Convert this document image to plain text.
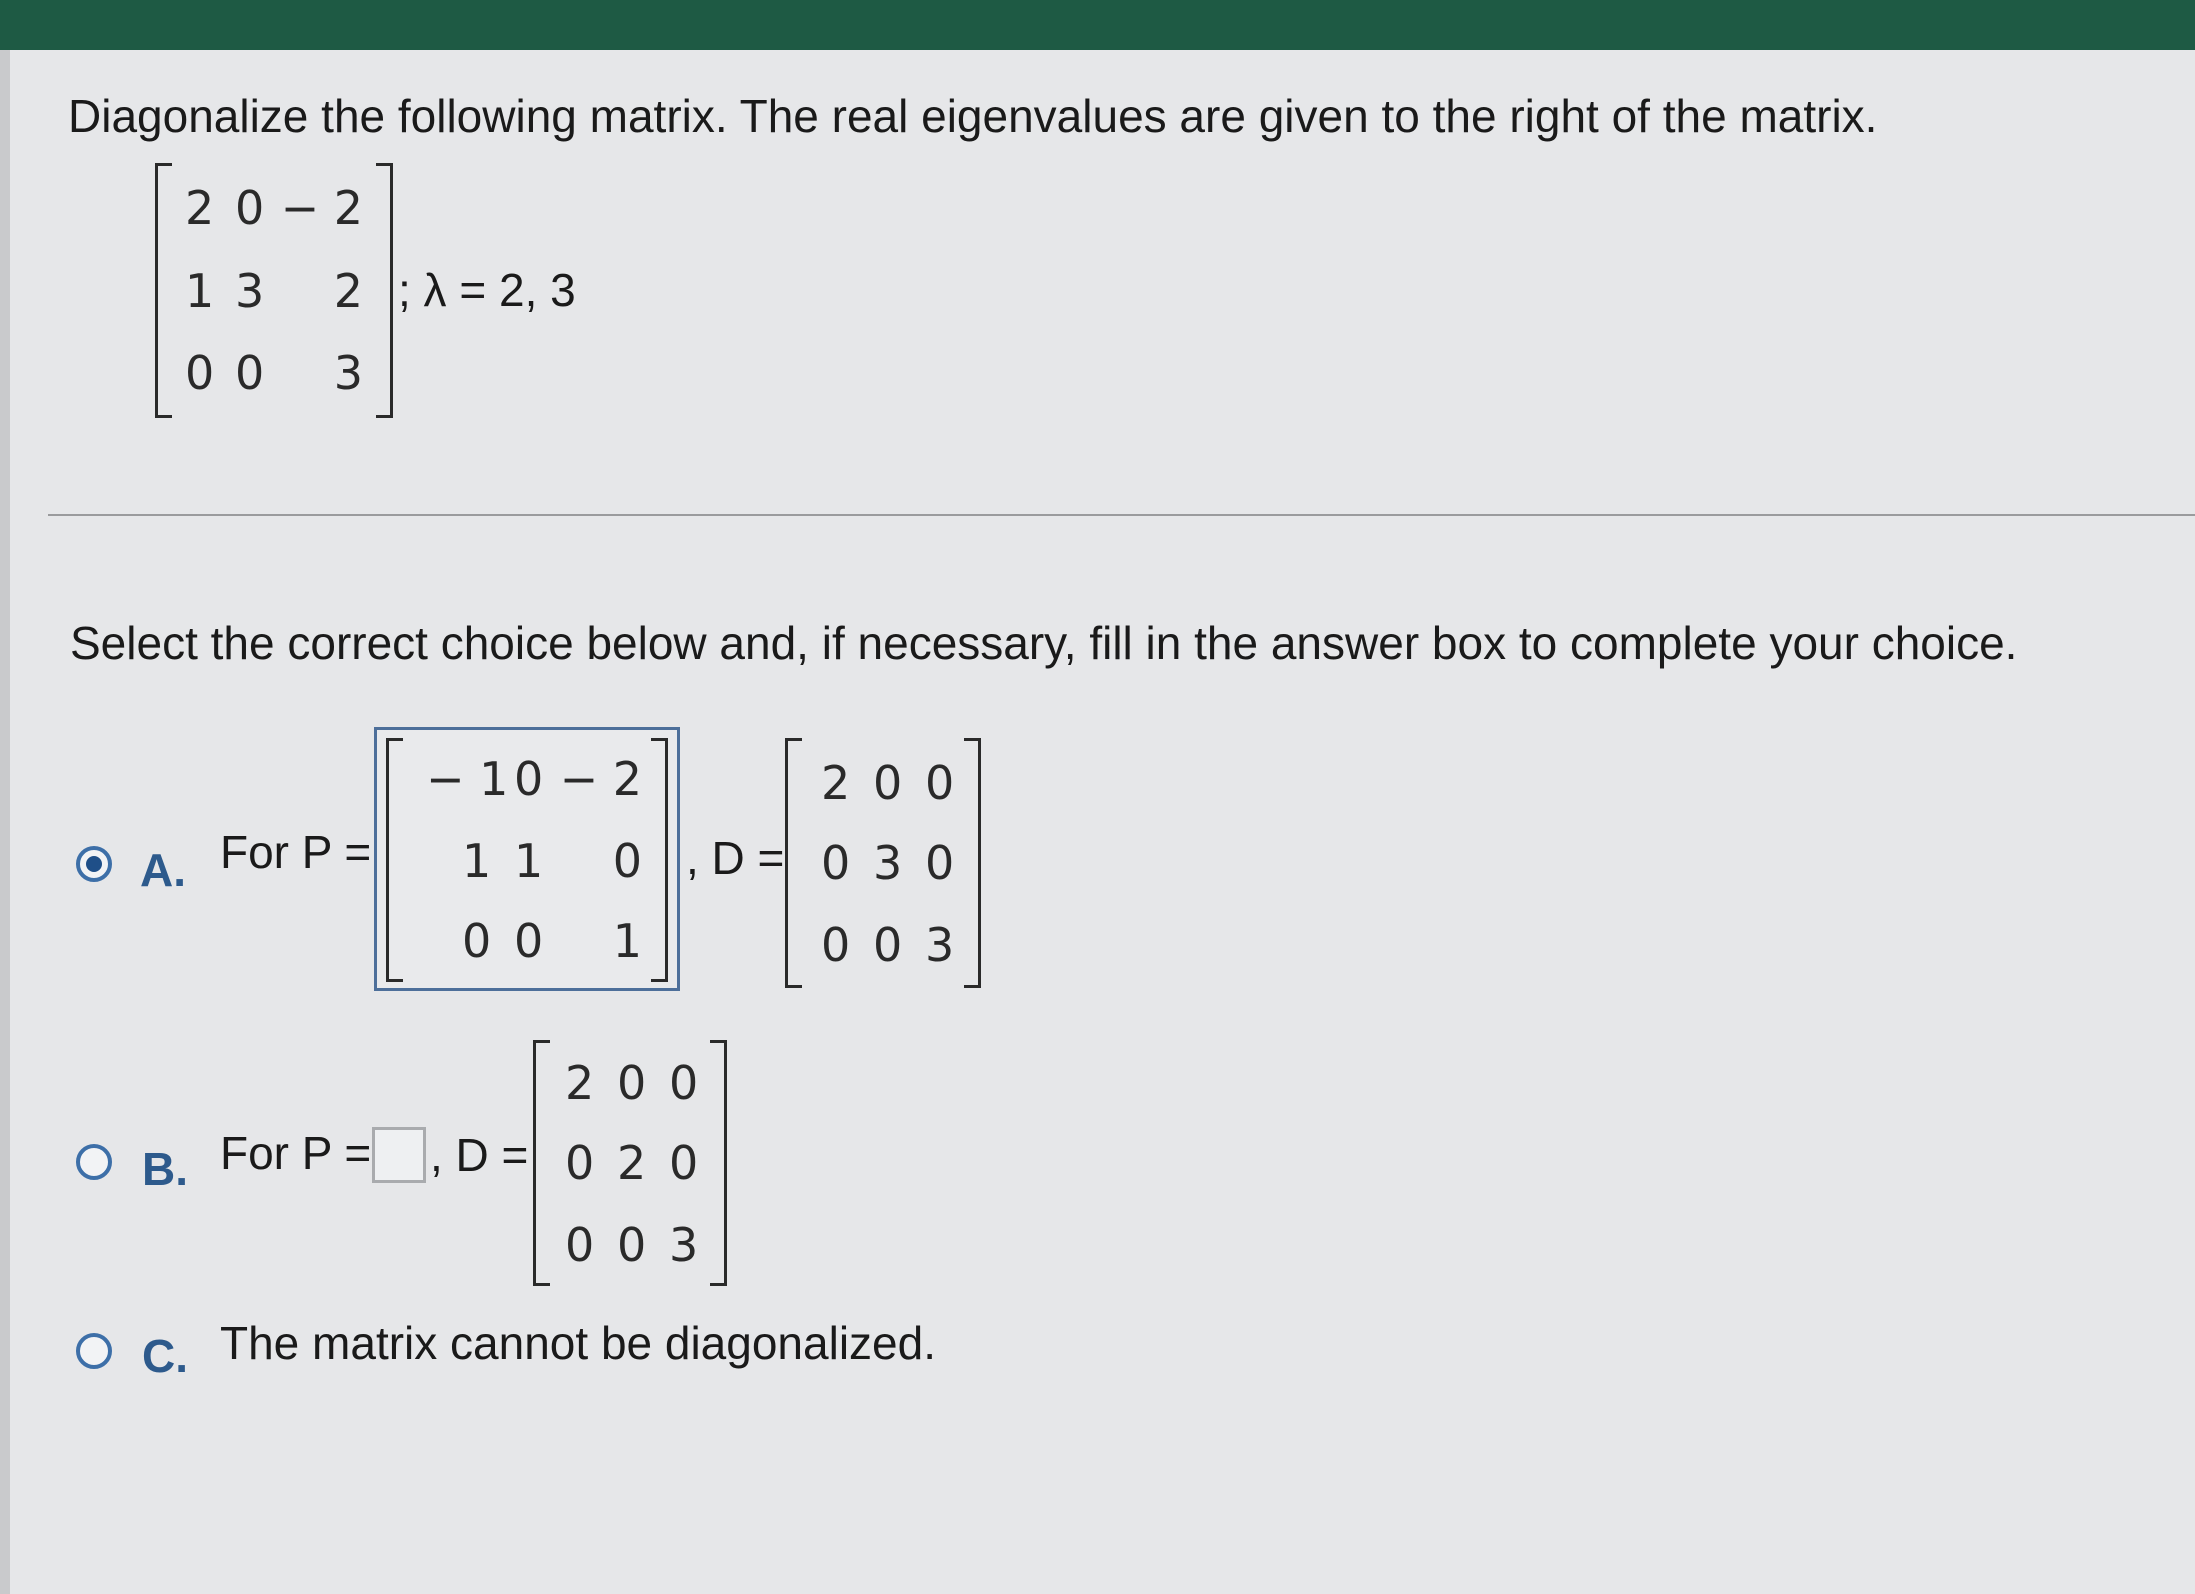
Diagonalize the following matrix. The real eigenvalues are given to the right of the matrix.
2 0 − 2
1 3 2
0 0 3
; λ = 2, 3
Select the correct choice below and, if necessary, fill in the answer box to complete your choice.
A. For P =
− 1 0 − 2
1 1 0
0 0 1
, D =
2 0 0
0 3 0
0 0 3
B. For P = , D =
2 0 0
0 2 0
0 0 3
C. The matrix cannot be diagonalized.
